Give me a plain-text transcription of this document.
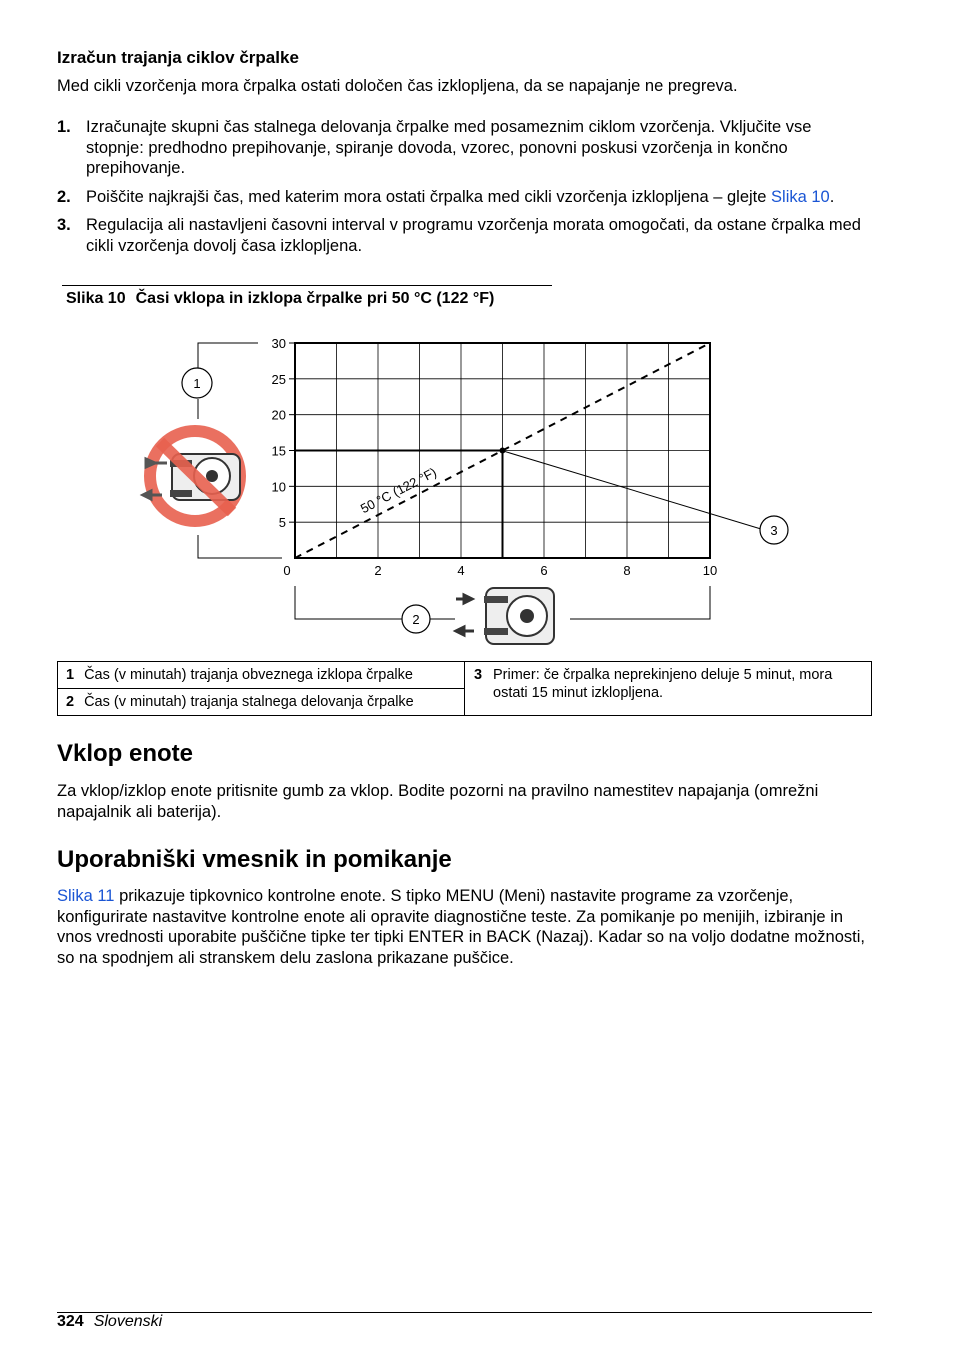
Izračun trajanja ciklov črpalke
Med cikli vzorčenja mora črpalka ostati določen čas izklopljena, da se napajanje ne pregreva.
1. Izračunajte skupni čas stalnega delovanja črpalke med posameznim ciklom vzorčenja. Vključite vse stopnje: predhodno prepihovanje, spiranje dovoda, vzorec, ponovni poskusi vzorčenja in končno prepihovanje.
2. Poiščite najkrajši čas, med katerim mora ostati črpalka med cikli vzorčenja izklopljena – glejte Slika 10.
3. Regulacija ali nastavljeni časovni interval v programu vzorčenja morata omogočati, da ostane črpalka med cikli vzorčenja dovolj časa izklopljena.
Slika 10 Časi vklopa in izklopa črpalke pri 50 °C (122 °F)
5
10
15
20
25
30
0	2	4	6	8	10
50 °C (122 °F)
1
3
2
1 Čas (v minutah) trajanja obveznega izklopa črpalke	3 Primer: če črpalka neprekinjeno deluje 5 minut, mora ostati 15 minut izklopljena.
2 Čas (v minutah) trajanja stalnega delovanja črpalke
Vklop enote
Za vklop/izklop enote pritisnite gumb za vklop. Bodite pozorni na pravilno namestitev napajanja (omrežni napajalnik ali baterija).
Uporabniški vmesnik in pomikanje
Slika 11 prikazuje tipkovnico kontrolne enote. S tipko MENU (Meni) nastavite programe za vzorčenje, konfigurirate nastavitve kontrolne enote ali opravite diagnostične teste. Za pomikanje po menijih, izbiranje in vnos vrednosti uporabite puščične tipke ter tipki ENTER in BACK (Nazaj). Kadar so na voljo dodatne možnosti, so na spodnjem ali stranskem delu zaslona prikazane puščice.
324 Slovenski
